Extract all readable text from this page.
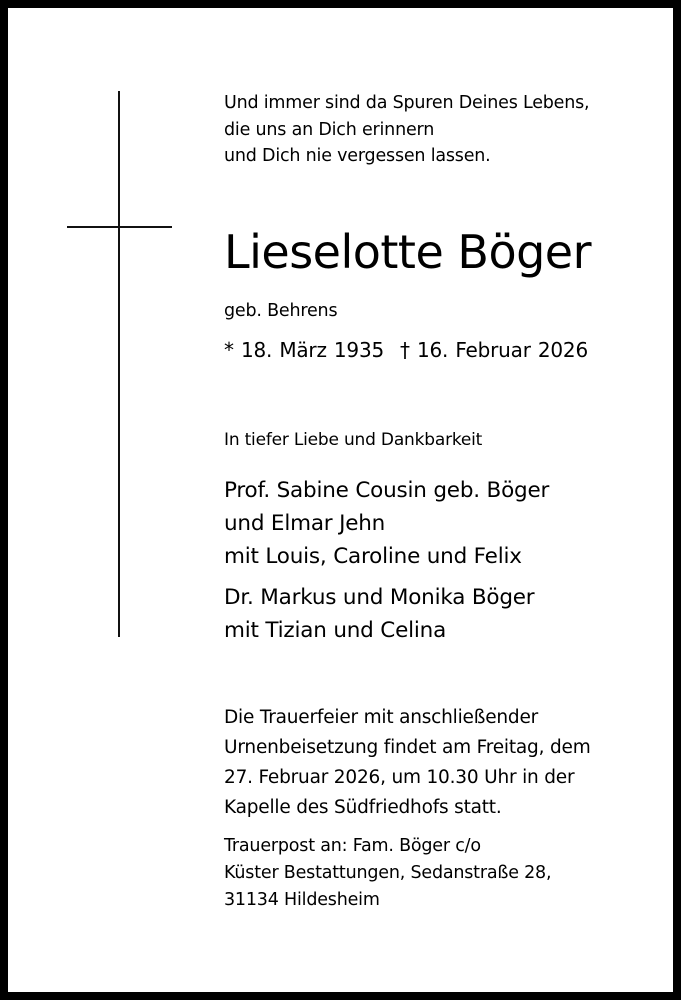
Und immer sind da Spuren Deines Lebens,
die uns an Dich erinnern
und Dich nie vergessen lassen.
Lieselotte Böger
geb. Behrens
* 18. März 1935 † 16. Februar 2026
In tiefer Liebe und Dankbarkeit
Prof. Sabine Cousin geb. Böger
und Elmar Jehn
mit Louis, Caroline und Felix
Dr. Markus und Monika Böger
mit Tizian und Celina
Die Trauerfeier mit anschließender
Urnenbeisetzung findet am Freitag, dem
27. Februar 2026, um 10.30 Uhr in der
Kapelle des Südfriedhofs statt.
Trauerpost an: Fam. Böger c/o
Küster Bestattungen, Sedanstraße 28,
31134 Hildesheim
